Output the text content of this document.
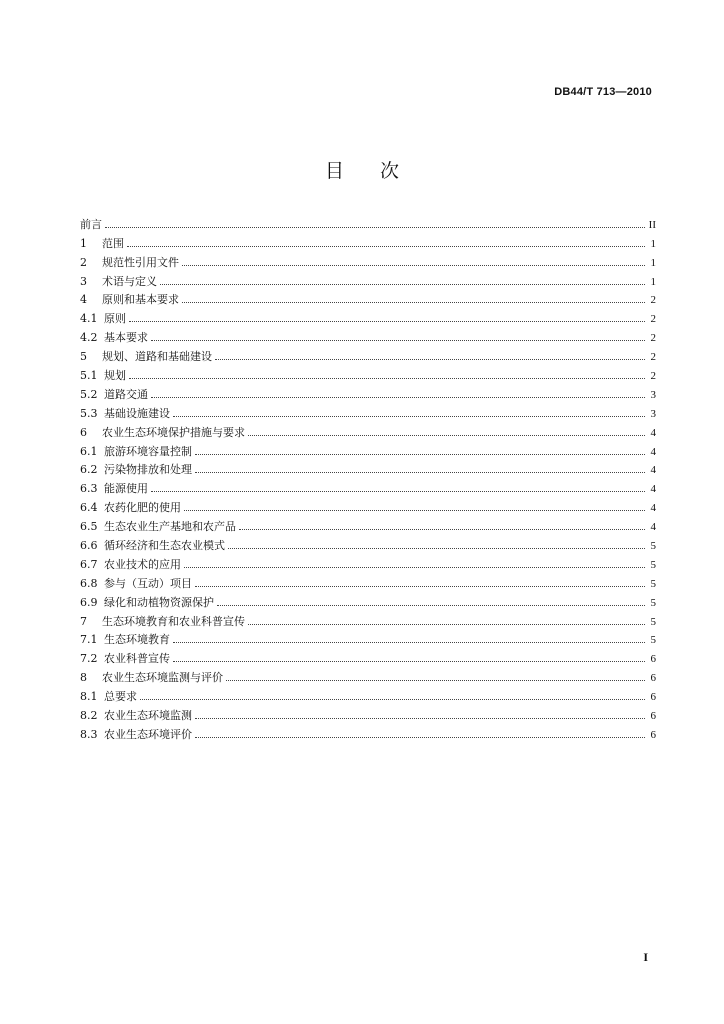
DB44/T 713—2010
目次
前言	II
1	范围	1
2	规范性引用文件	1
3	术语与定义	1
4	原则和基本要求	2
4.1 原则	2
4.2 基本要求	2
5	规划、道路和基础建设	2
5.1 规划	2
5.2 道路交通	3
5.3 基础设施建设	3
6	农业生态环境保护措施与要求	4
6.1 旅游环境容量控制	4
6.2 污染物排放和处理	4
6.3 能源使用	4
6.4 农药化肥的使用	4
6.5 生态农业生产基地和农产品	4
6.6 循环经济和生态农业模式	5
6.7 农业技术的应用	5
6.8 参与（互动）项目	5
6.9 绿化和动植物资源保护	5
7	生态环境教育和农业科普宣传	5
7.1 生态环境教育	5
7.2 农业科普宣传	6
8	农业生态环境监测与评价	6
8.1 总要求	6
8.2 农业生态环境监测	6
8.3 农业生态环境评价	6
I
